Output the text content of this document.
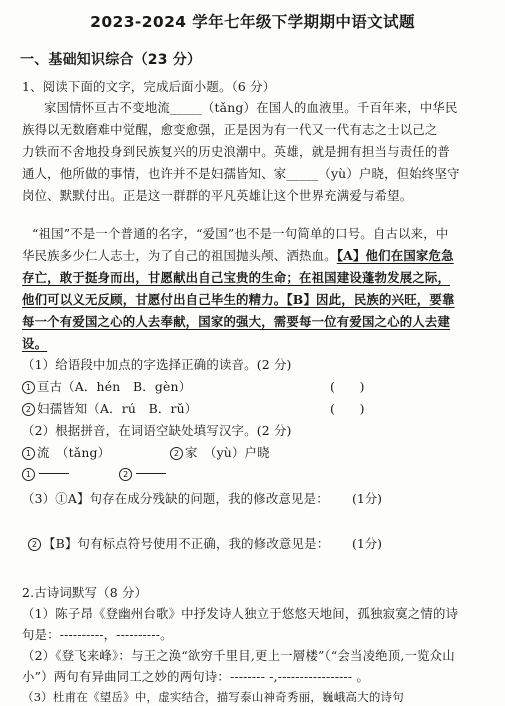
2023-2024 学年七年级下学期期中语文试题
一、基础知识综合（23 分）
1、阅读下面的文字，完成后面小题。（6 分）
家国情怀亘古不变地流_____（tǎng）在国人的血液里。千百年来，中华民
族得以无数磨难中觉醒，愈变愈强，正是因为有一代又一代有志之士以己之
力铁而不舍地投身到民族复兴的历史浪潮中。英雄，就是拥有担当与责任的普
通人，他所做的事情，也许并不是妇孺皆知、家_____（yù）户晓，但始终坚守
岗位、默默付出。正是这一群群的平凡英雄让这个世界充满爱与希望。
“祖国”不是一个普通的名字，“爱国”也不是一句简单的口号。自古以来，中
华民族多少仁人志士，为了自己的祖国抛头颅、洒热血。【A】他们在国家危急
存亡，敢于挺身而出，甘愿献出自己宝贵的生命；在祖国建设蓬勃发展之际，
他们可以义无反顾，甘愿付出自己毕生的精力。【B】因此，民族的兴旺，要靠
每一个有爱国之心的人去奉献，国家的强大，需要每一位有爱国之心的人去建
设。
（1）给语段中加点的字选择正确的读音。(2 分)
1 亘古（A．hén　B．gèn）	(　　)
2 妇孺皆知（A．rú　B．rǔ）	(　　)
（2）根据拼音，在词语空缺处填写汉字。(2 分)
1 流　（tǎng）	2 家　（yù）户晓
1	2
（3）①A】句存在成分残缺的问题，我的修改意见是： (1分)
2 【B】句有标点符号使用不正确，我的修改意见是： (1分)
2.古诗词默写（8 分）
（1）陈子昂《登幽州台歌》中抒发诗人独立于悠悠天地间，孤独寂寞之情的诗
句是：----------，----------。
（2）《登飞来峰》：与王之涣“欲穷千里目,更上一層楼”（“会当凌绝顶,一览众山
小”）两句有异曲同工之妙的两句诗：-------- -,----------------- 。
（3）杜甫在《望岳》中，虚实结合，描写泰山神奇秀丽，巍峨高大的诗句
